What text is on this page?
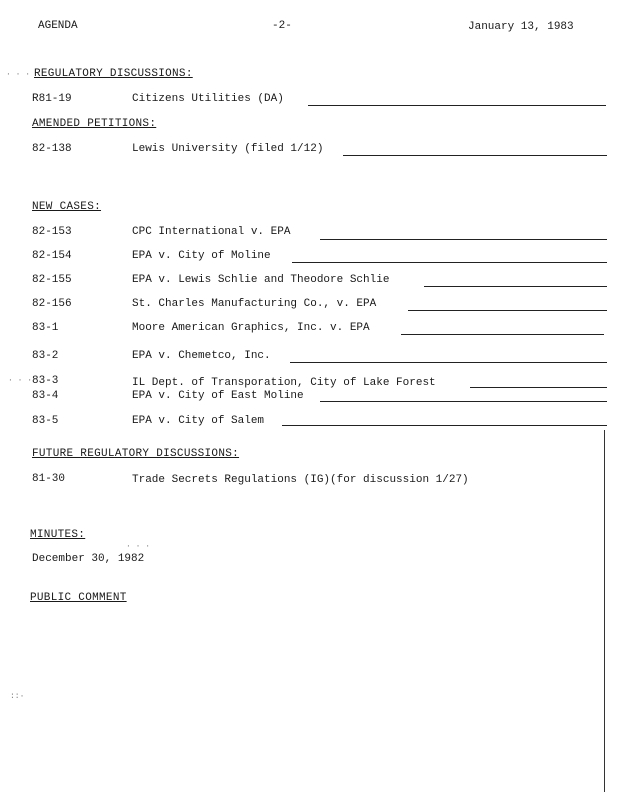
AGENDA	-2-	January 13, 1983
· · ·
· · ·
· · ·
::·
REGULATORY DISCUSSIONS:
R81-19	Citizens Utilities (DA)
AMENDED PETITIONS:
82-138	Lewis University (filed 1/12)
NEW CASES:
82-153	CPC International v. EPA
82-154	EPA v. City of Moline
82-155	EPA v. Lewis Schlie and Theodore Schlie
82-156	St. Charles Manufacturing Co., v. EPA
83-1	Moore American Graphics, Inc. v. EPA
83-2	EPA v. Chemetco, Inc.
83-3	IL Dept. of Transporation, City of Lake Forest
83-4	EPA v. City of East Moline
83-5	EPA v. City of Salem
FUTURE REGULATORY DISCUSSIONS:
81-30	Trade Secrets Regulations (IG)(for discussion 1/27)
MINUTES:
December 30, 1982
PUBLIC COMMENT
